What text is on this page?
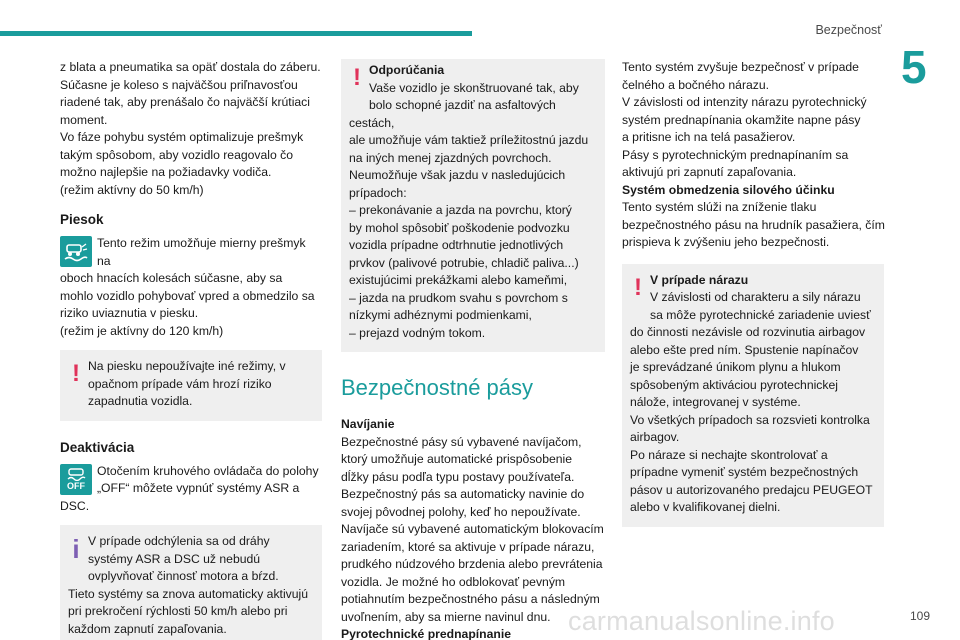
Bezpečnosť
5

z blata a pneumatika sa opäť dostala do záberu.

Súčasne je koleso s najväčšou priľnavosťou

riadené tak, aby prenášalo čo najväčší krútiaci

moment.

Vo fáze pohybu systém optimalizuje prešmyk

takým spôsobom, aby vozidlo reagovalo čo

možno najlepšie na požiadavky vodiča.

(režim aktívny do 50 km/h)

Piesok

Tento režim umožňuje mierny prešmyk na

oboch hnacích kolesách súčasne, aby sa

mohlo vozidlo pohybovať vpred a obmedzilo sa

riziko uviaznutia v piesku.

(režim je aktívny do 120 km/h)

! Na piesku nepoužívajte iné režimy, v

opačnom prípade vám hrozí riziko

zapadnutia vozidla.

Deaktivácia
OFF

Otočením kruhového ovládača do polohy

„OFF“ môžete vypnúť systémy ASR a

DSC.

i V prípade odchýlenia sa od dráhy

systémy ASR a DSC už nebudú

ovplyvňovať činnosť motora a bŕzd.

Tieto systémy sa znova automaticky aktivujú

pri prekročení rýchlosti 50 km/h alebo pri

každom zapnutí zapaľovania.

! Odporúčania

Vaše vozidlo je skonštruované tak, aby

bolo schopné jazdiť na asfaltových cestách,

ale umožňuje vám taktiež príležitostnú jazdu

na iných menej zjazdných povrchoch.

Neumožňuje však jazdu v nasledujúcich

prípadoch:

– prekonávanie a jazda na povrchu, ktorý

by mohol spôsobiť poškodenie podvozku

vozidla prípadne odtrhnutie jednotlivých

prvkov (palivové potrubie, chladič paliva...)

existujúcimi prekážkami alebo kameňmi,

– jazda na prudkom svahu s povrchom s

nízkymi adhéznymi podmienkami,

– prejazd vodným tokom.

Bezpečnostné pásy

Navíjanie

Bezpečnostné pásy sú vybavené navíjačom,

ktorý umožňuje automatické prispôsobenie

dĺžky pásu podľa typu postavy používateľa.

Bezpečnostný pás sa automaticky navinie do

svojej pôvodnej polohy, keď ho nepoužívate.

Navíjače sú vybavené automatickým blokovacím

zariadením, ktoré sa aktivuje v prípade nárazu,

prudkého núdzového brzdenia alebo prevrátenia

vozidla. Je možné ho odblokovať pevným

potiahnutím bezpečnostného pásu a následným

uvoľnením, aby sa mierne navinul dnu.

Pyrotechnické prednapínanie

Tento systém zvyšuje bezpečnosť v prípade

čelného a bočného nárazu.

V závislosti od intenzity nárazu pyrotechnický

systém prednapínania okamžite napne pásy

a pritisne ich na telá pasažierov.

Pásy s pyrotechnickým prednapínaním sa

aktivujú pri zapnutí zapaľovania.

Systém obmedzenia silového účinku

Tento systém slúži na zníženie tlaku

bezpečnostného pásu na hrudník pasažiera, čím

prispieva k zvýšeniu jeho bezpečnosti.

! V prípade nárazu

V závislosti od charakteru a sily nárazu

sa môže pyrotechnické zariadenie uviesť

do činnosti nezávisle od rozvinutia airbagov

alebo ešte pred ním. Spustenie napínačov

je sprevádzané únikom plynu a hlukom

spôsobeným aktiváciou pyrotechnickej

nálože, integrovanej v systéme.

Vo všetkých prípadoch sa rozsvieti kontrolka

airbagov.

Po náraze si nechajte skontrolovať a

prípadne vymeniť systém bezpečnostných

pásov u autorizovaného predajcu PEUGEOT

alebo v kvalifikovanej dielni.

carmanualsonline.info	109
